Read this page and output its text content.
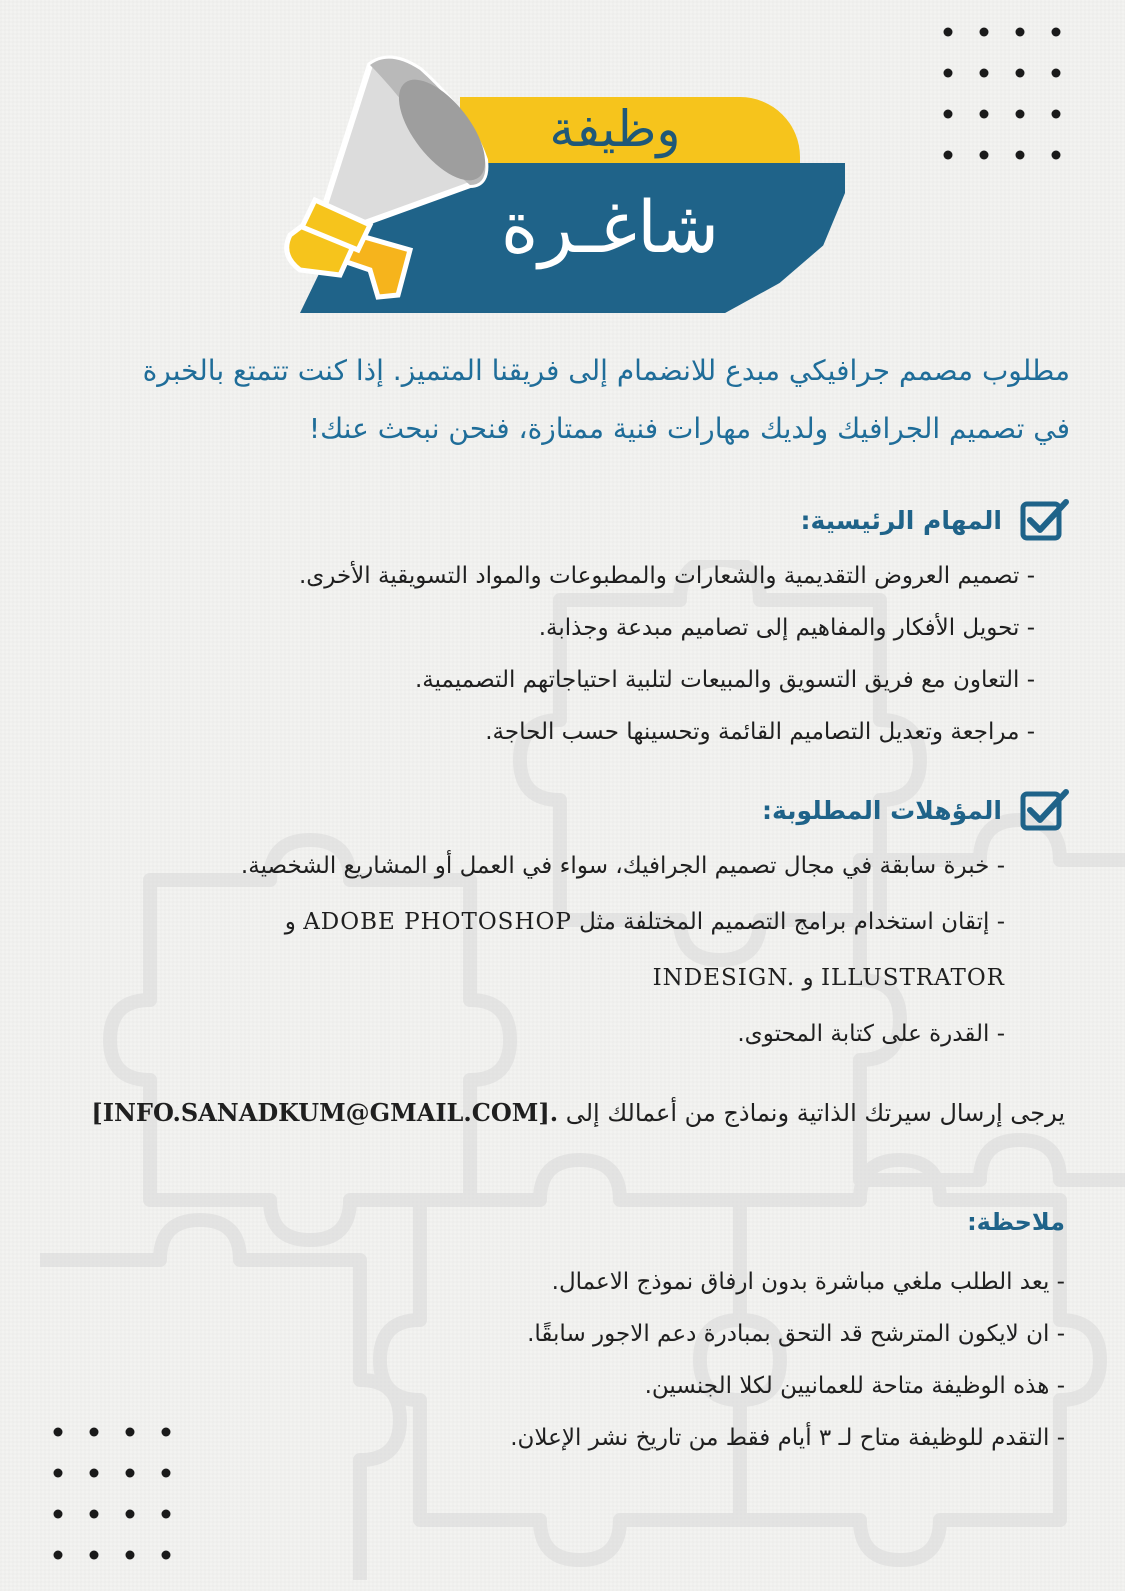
وظيفة
شاغـرة
مطلوب مصمم جرافيكي مبدع للانضمام إلى فريقنا المتميز. إذا كنت تتمتع بالخبرة
في تصميم الجرافيك ولديك مهارات فنية ممتازة، فنحن نبحث عنك!
المهام الرئيسية:
- تصميم العروض التقديمية والشعارات والمطبوعات والمواد التسويقية الأخرى.
- تحويل الأفكار والمفاهيم إلى تصاميم مبدعة وجذابة.
- التعاون مع فريق التسويق والمبيعات لتلبية احتياجاتهم التصميمية.
- مراجعة وتعديل التصاميم القائمة وتحسينها حسب الحاجة.
المؤهلات المطلوبة:
- خبرة سابقة في مجال تصميم الجرافيك، سواء في العمل أو المشاريع الشخصية.
- إتقان استخدام برامج التصميم المختلفة مثل ADOBE PHOTOSHOP و
ILLUSTRATOR و INDESIGN.
- القدرة على كتابة المحتوى.
يرجى إرسال سيرتك الذاتية ونماذج من أعمالك إلى [INFO.SANADKUM@GMAIL.COM].
ملاحظة:
- يعد الطلب ملغي مباشرة بدون ارفاق نموذج الاعمال.
- ان لايكون المترشح قد التحق بمبادرة دعم الاجور سابقًا.
- هذه الوظيفة متاحة للعمانيين لكلا الجنسين.
- التقدم للوظيفة متاح لـ ٣ أيام فقط من تاريخ نشر الإعلان.
